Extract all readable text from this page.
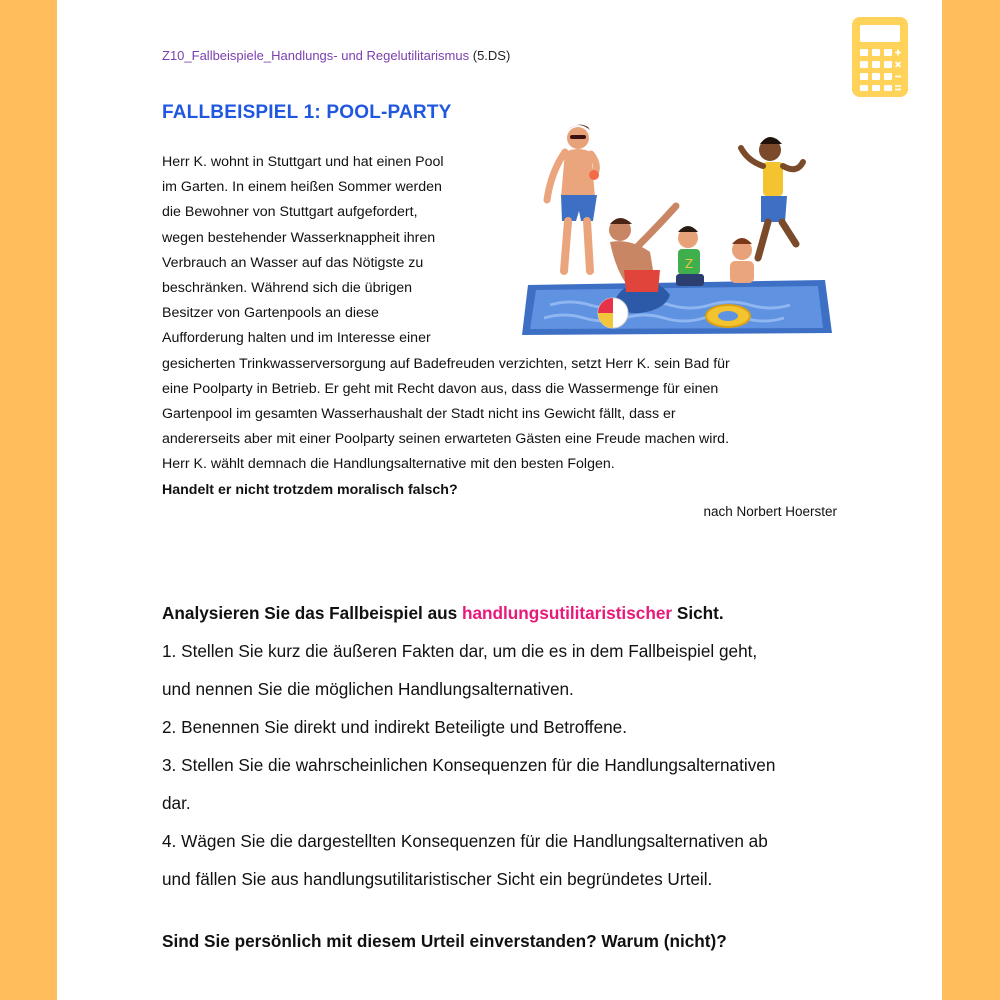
Z10_Fallbeispiele_Handlungs- und Regelutilitarismus (5.DS)
FALLBEISPIEL 1: POOL-PARTY
Z
Herr K. wohnt in Stuttgart und hat einen Pool
im Garten. In einem heißen Sommer werden
die Bewohner von Stuttgart aufgefordert,
wegen bestehender Wasserknappheit ihren
Verbrauch an Wasser auf das Nötigste zu
beschränken. Während sich die übrigen
Besitzer von Gartenpools an diese
Aufforderung halten und im Interesse einer
gesicherten Trinkwasserversorgung auf Badefreuden verzichten, setzt Herr K. sein Bad für
eine Poolparty in Betrieb. Er geht mit Recht davon aus, dass die Wassermenge für einen
Gartenpool im gesamten Wasserhaushalt der Stadt nicht ins Gewicht fällt, dass er
andererseits aber mit einer Poolparty seinen erwarteten Gästen eine Freude machen wird.
Herr K. wählt demnach die Handlungsalternative mit den besten Folgen.
Handelt er nicht trotzdem moralisch falsch?
nach Norbert Hoerster
Analysieren Sie das Fallbeispiel aus handlungsutilitaristischer Sicht.
1. Stellen Sie kurz die äußeren Fakten dar, um die es in dem Fallbeispiel geht,
und nennen Sie die möglichen Handlungsalternativen.
2. Benennen Sie direkt und indirekt Beteiligte und Betroffene.
3. Stellen Sie die wahrscheinlichen Konsequenzen für die Handlungsalternativen
dar.
4. Wägen Sie die dargestellten Konsequenzen für die Handlungsalternativen ab
und fällen Sie aus handlungsutilitaristischer Sicht ein begründetes Urteil.
Sind Sie persönlich mit diesem Urteil einverstanden? Warum (nicht)?
